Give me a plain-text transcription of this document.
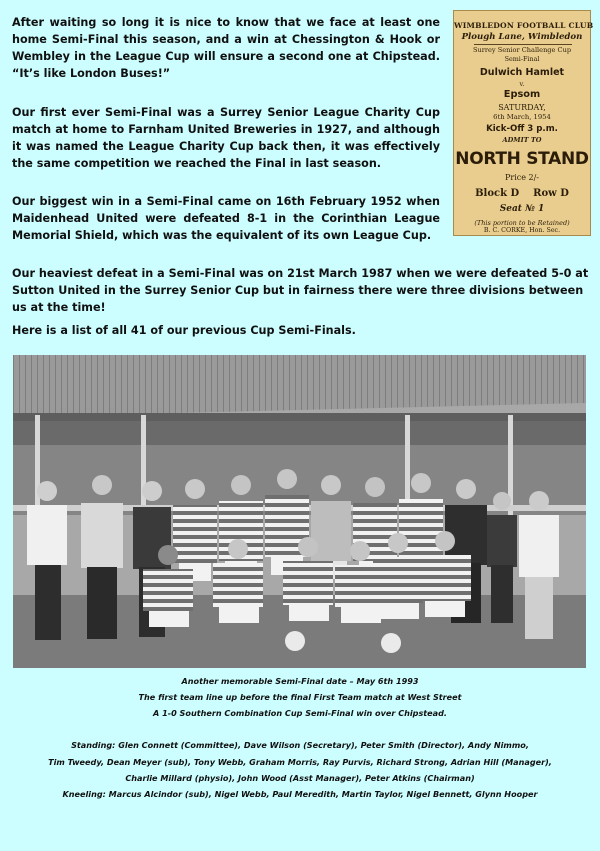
After waiting so long it is nice to know that we face at least one home Semi-Final this season, and a win at Chessington & Hook or Wembley in the League Cup will ensure a second one at Chipstead. “It’s like London Buses!”

Our first ever Semi-Final was a Surrey Senior League Charity Cup match at home to Farnham United Breweries in 1927, and although it was named the League Charity Cup back then, it was effectively the same competition we reached the Final in last season.

Our biggest win in a Semi-Final came on 16th February 1952 when Maidenhead United were defeated 8-1 in the Corinthian League Memorial Shield, which was the equivalent of its own League Cup.

Our heaviest defeat in a Semi-Final was on 21st March 1987 when we were defeated 5-0 at Sutton United in the Surrey Senior Cup but in fairness there were three divisions between us at the time!

Here is a list of all 41 of our previous Cup Semi-Finals.

WIMBLEDON FOOTBALL CLUB
Plough Lane, Wimbledon
Surrey Senior Challenge Cup
Semi-Final
Dulwich Hamlet
v.
Epsom
SATURDAY,
6th March, 1954
Kick-Off 3 p.m.
ADMIT TO
NORTH STAND
Price 2/-
Block D    Row D
Seat № 1
(This portion to be Retained)
B. C. CORKE, Hon. Sec.

Another memorable Semi-Final date – May 6th 1993

The first team line up before the final First Team match at West Street

A 1-0 Southern Combination Cup Semi-Final win over Chipstead.

Standing: Glen Connett (Committee), Dave Wilson (Secretary), Peter Smith (Director), Andy Nimmo,

Tim Tweedy, Dean Meyer (sub), Tony Webb, Graham Morris, Ray Purvis, Richard Strong, Adrian Hill (Manager),

Charlie Millard (physio), John Wood (Asst Manager), Peter Atkins (Chairman)

Kneeling: Marcus Alcindor (sub), Nigel Webb, Paul Meredith, Martin Taylor, Nigel Bennett, Glynn Hooper
